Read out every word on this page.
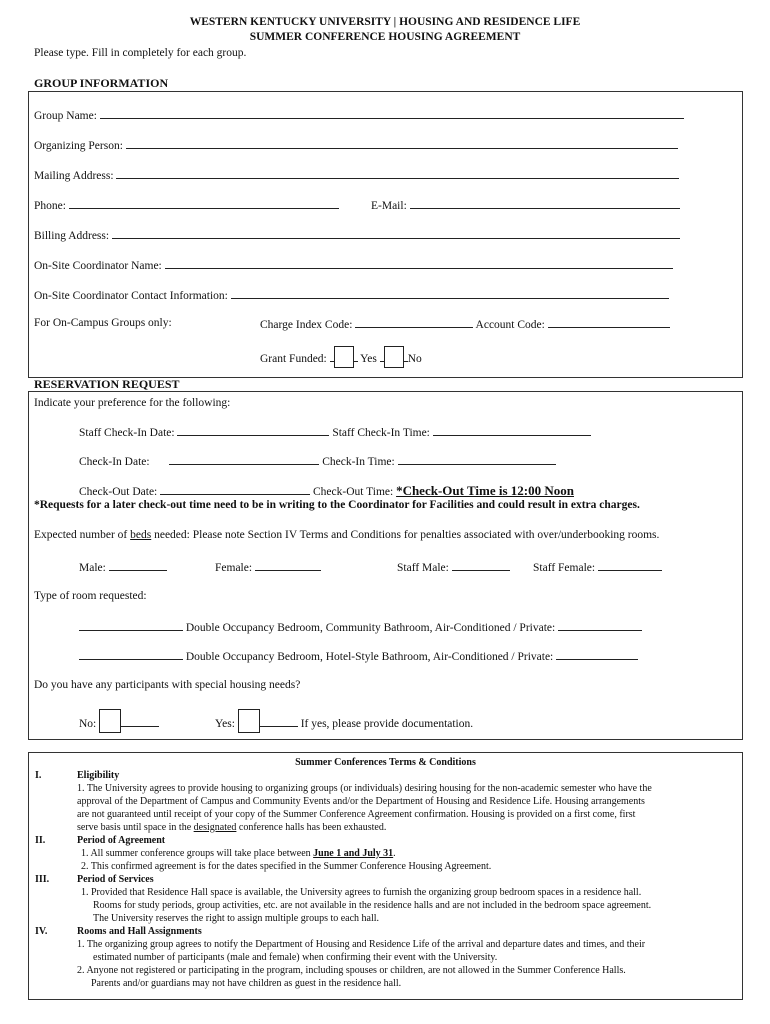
WESTERN KENTUCKY UNIVERSITY | HOUSING AND RESIDENCE LIFE
SUMMER CONFERENCE HOUSING AGREEMENT
Please type. Fill in completely for each group.
GROUP INFORMATION
Group Name:
Organizing Person:
Mailing Address:
Phone:	E-Mail:
Billing Address:
On-Site Coordinator Name:
On-Site Coordinator Contact Information:
For On-Campus Groups only:	Charge Index Code:	Account Code:
Grant Funded:	Yes	No
RESERVATION REQUEST
Indicate your preference for the following:
Staff Check-In Date:	Staff Check-In Time:
Check-In Date:	Check-In Time:
Check-Out Date:	Check-Out Time: *Check-Out Time is 12:00 Noon
*Requests for a later check-out time need to be in writing to the Coordinator for Facilities and could result in extra charges.
Expected number of beds needed: Please note Section IV Terms and Conditions for penalties associated with over/underbooking rooms.
Male:	Female:	Staff Male:	Staff Female:
Type of room requested:
Double Occupancy Bedroom, Community Bathroom, Air-Conditioned / Private:
Double Occupancy Bedroom, Hotel-Style Bathroom, Air-Conditioned / Private:
Do you have any participants with special housing needs?
No:	Yes:	If yes, please provide documentation.
Summer Conferences Terms & Conditions
I.	Eligibility
1. The University agrees to provide housing to organizing groups (or individuals) desiring housing for the non-academic semester who have the
approval of the Department of Campus and Community Events and/or the Department of Housing and Residence Life. Housing arrangements
are not guaranteed until receipt of your copy of the Summer Conference Agreement confirmation. Housing is provided on a first come, first
serve basis until space in the designated conference halls has been exhausted.
II.	Period of Agreement
1. All summer conference groups will take place between June 1 and July 31.
2. This confirmed agreement is for the dates specified in the Summer Conference Housing Agreement.
III.	Period of Services
1. Provided that Residence Hall space is available, the University agrees to furnish the organizing group bedroom spaces in a residence hall.
Rooms for study periods, group activities, etc. are not available in the residence halls and are not included in the bedroom space agreement.
The University reserves the right to assign multiple groups to each hall.
IV.	Rooms and Hall Assignments
1. The organizing group agrees to notify the Department of Housing and Residence Life of the arrival and departure dates and times, and their
estimated number of participants (male and female) when confirming their event with the University.
2. Anyone not registered or participating in the program, including spouses or children, are not allowed in the Summer Conference Halls.
Parents and/or guardians may not have children as guest in the residence hall.
